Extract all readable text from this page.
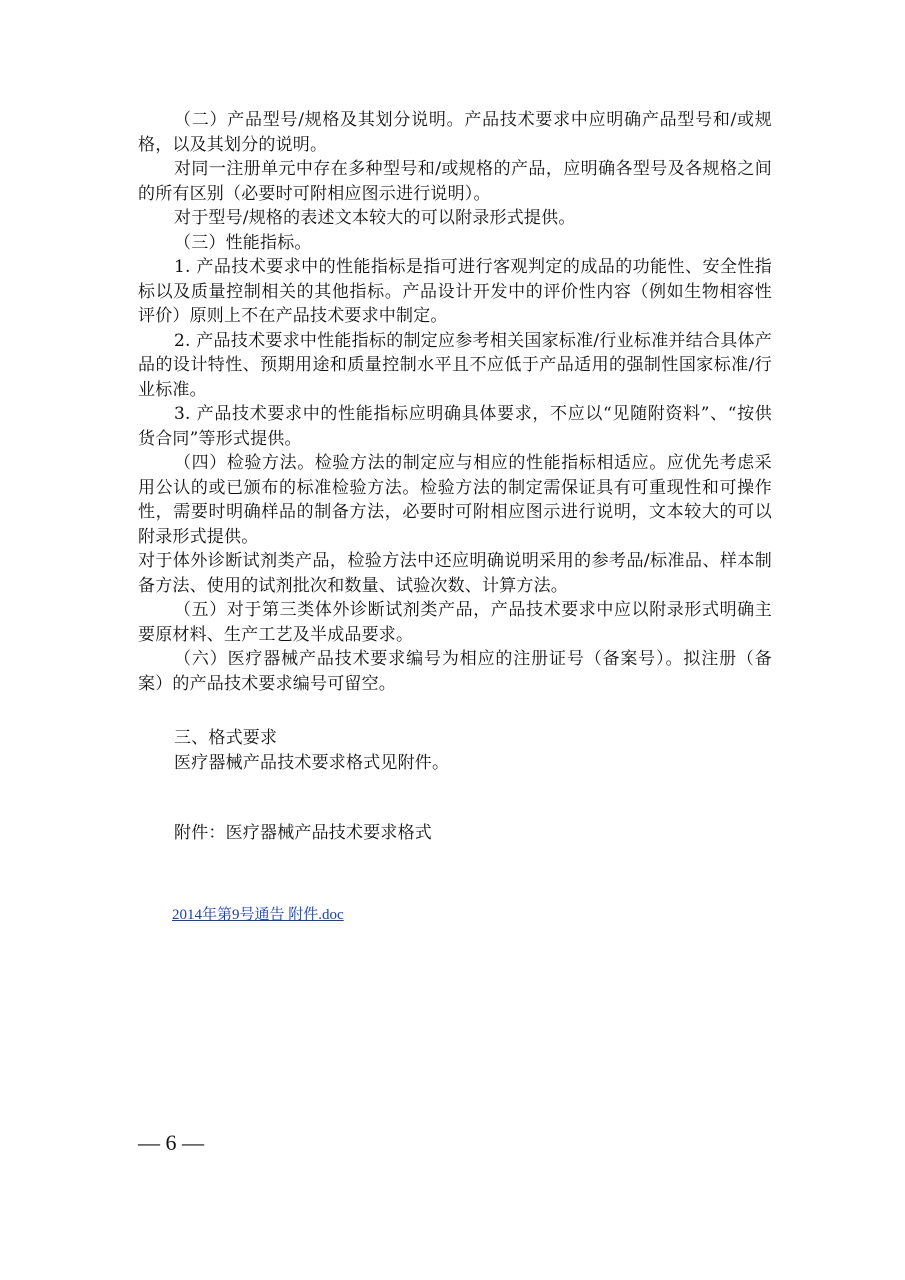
（二）产品型号/规格及其划分说明。产品技术要求中应明确产品型号和/或规格，以及其划分的说明。

对同一注册单元中存在多种型号和/或规格的产品，应明确各型号及各规格之间的所有区别（必要时可附相应图示进行说明）。

对于型号/规格的表述文本较大的可以附录形式提供。

（三）性能指标。

1. 产品技术要求中的性能指标是指可进行客观判定的成品的功能性、安全性指标以及质量控制相关的其他指标。产品设计开发中的评价性内容（例如生物相容性评价）原则上不在产品技术要求中制定。

2. 产品技术要求中性能指标的制定应参考相关国家标准/行业标准并结合具体产品的设计特性、预期用途和质量控制水平且不应低于产品适用的强制性国家标准/行业标准。

3. 产品技术要求中的性能指标应明确具体要求，不应以“见随附资料”、“按供货合同”等形式提供。

（四）检验方法。检验方法的制定应与相应的性能指标相适应。应优先考虑采用公认的或已颁布的标准检验方法。检验方法的制定需保证具有可重现性和可操作性，需要时明确样品的制备方法，必要时可附相应图示进行说明，文本较大的可以附录形式提供。

对于体外诊断试剂类产品，检验方法中还应明确说明采用的参考品/标准品、样本制备方法、使用的试剂批次和数量、试验次数、计算方法。

（五）对于第三类体外诊断试剂类产品，产品技术要求中应以附录形式明确主要原材料、生产工艺及半成品要求。

（六）医疗器械产品技术要求编号为相应的注册证号（备案号）。拟注册（备案）的产品技术要求编号可留空。

三、格式要求

医疗器械产品技术要求格式见附件。

附件：医疗器械产品技术要求格式

2014年第9号通告 附件.doc
— 6 —
